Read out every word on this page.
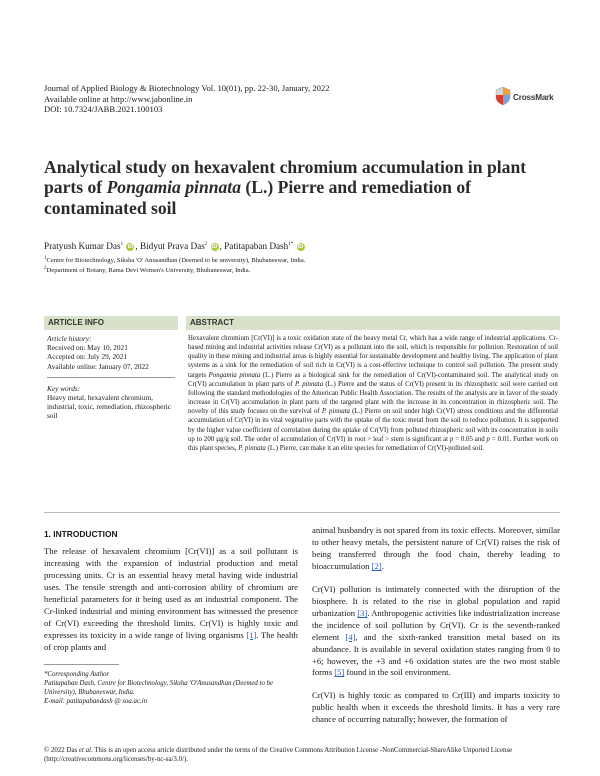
Journal of Applied Biology & Biotechnology Vol. 10(01), pp. 22-30, January, 2022
Available online at http://www.jabonline.in
DOI: 10.7324/JABB.2021.100103
CrossMark
Analytical study on hexavalent chromium accumulation in plant parts of Pongamia pinnata (L.) Pierre and remediation of contaminated soil
Pratyush Kumar Das$^1$ iD , Bidyut Prava Das$^2$ iD , Patitapaban Dash$^{1*}$ iD
$^1$Centre for Biotechnology, Siksha 'O' Anusandhan (Deemed to be university), Bhubaneswar, India.
$^2$Department of Botany, Rama Devi Women's University, Bhubaneswar, India.
ARTICLE INFO
Article history:
Received on: May 10, 2021
Accepted on: July 29, 2021
Available online: January 07, 2022
Key words:
Heavy metal, hexavalent chromium, industrial, toxic, remediation, rhizospheric soil
ABSTRACT
Hexavalent chromium [Cr(VI)] is a toxic oxidation state of the heavy metal Cr, which has a wide range of industrial applications. Cr-based mining and industrial activities release Cr(VI) as a pollutant into the soil, which is responsible for pollution. Restoration of soil quality in these mining and industrial areas is highly essential for sustainable development and healthy living. The application of plant systems as a sink for the remediation of soil rich in Cr(VI) is a cost-effective technique to control soil pollution. The present study targets Pongamia pinnata (L.) Pierre as a biological sink for the remediation of Cr(VI)-contaminated soil. The analytical study on Cr(VI) accumulation in plant parts of P. pinnata (L.) Pierre and the status of Cr(VI) present in its rhizospheric soil were carried out following the standard methodologies of the American Public Health Association. The results of the analysis are in favor of the steady increase in Cr(VI) accumulation in plant parts of the targeted plant with the increase in its concentration in rhizospheric soil. The novelty of this study focuses on the survival of P. pinnata (L.) Pierre on soil under high Cr(VI) stress conditions and the differential accumulation of Cr(VI) in its vital vegetative parts with the uptake of the toxic metal from the soil to reduce pollution. It is supported by the higher value coefficient of correlation during the uptake of Cr(VI) from polluted rhizospheric soil with its concentration in soils up to 200 µg/g soil. The order of accumulation of Cr(VI) in root > leaf > stem is significant at p = 0.05 and p = 0.01. Further work on this plant species, P. pinnata (L.) Pierre, can make it an elite species for remediation of Cr(VI)-polluted soil.
1. INTRODUCTION
The release of hexavalent chromium [Cr(VI)] as a soil pollutant is increasing with the expansion of industrial production and metal processing units. Cr is an essential heavy metal having wide industrial uses. The tensile strength and anti-corrosion ability of chromium are beneficial parameters for it being used as an industrial component. The Cr-linked industrial and mining environment has witnessed the presence of Cr(VI) exceeding the threshold limits. Cr(VI) is highly toxic and expresses its toxicity in a wide range of living organisms [1]. The health of crop plants and
animal husbandry is not spared from its toxic effects. Moreover, similar to other heavy metals, the persistent nature of Cr(VI) raises the risk of being transferred through the food chain, thereby leading to bioaccumulation [2].
Cr(VI) pollution is intimately connected with the disruption of the biosphere. It is related to the rise in global population and rapid urbanization [3]. Anthropogenic activities like industrialization increase the incidence of soil pollution by Cr(VI). Cr is the seventh-ranked element [4], and the sixth-ranked transition metal based on its abundance. It is available in several oxidation states ranging from 0 to +6; however, the +3 and +6 oxidation states are the two most stable forms [5] found in the soil environment.
Cr(VI) is highly toxic as compared to Cr(III) and imparts toxicity to public health when it exceeds the threshold limits. It has a very rare chance of occurring naturally; however, the formation of
*Corresponding Author
Patitapaban Dash, Centre for Biotechnology, Siksha 'O'Anusandhan (Deemed to be University), Bhubaneswar, India.
E-mail: patitapabandash @ soa.ac.in
© 2022 Das et al. This is an open access article distributed under the terms of the Creative Commons Attribution License -NonCommercial-ShareAlike Unported License (http://creativecommons.org/licenses/by-nc-sa/3.0/).
